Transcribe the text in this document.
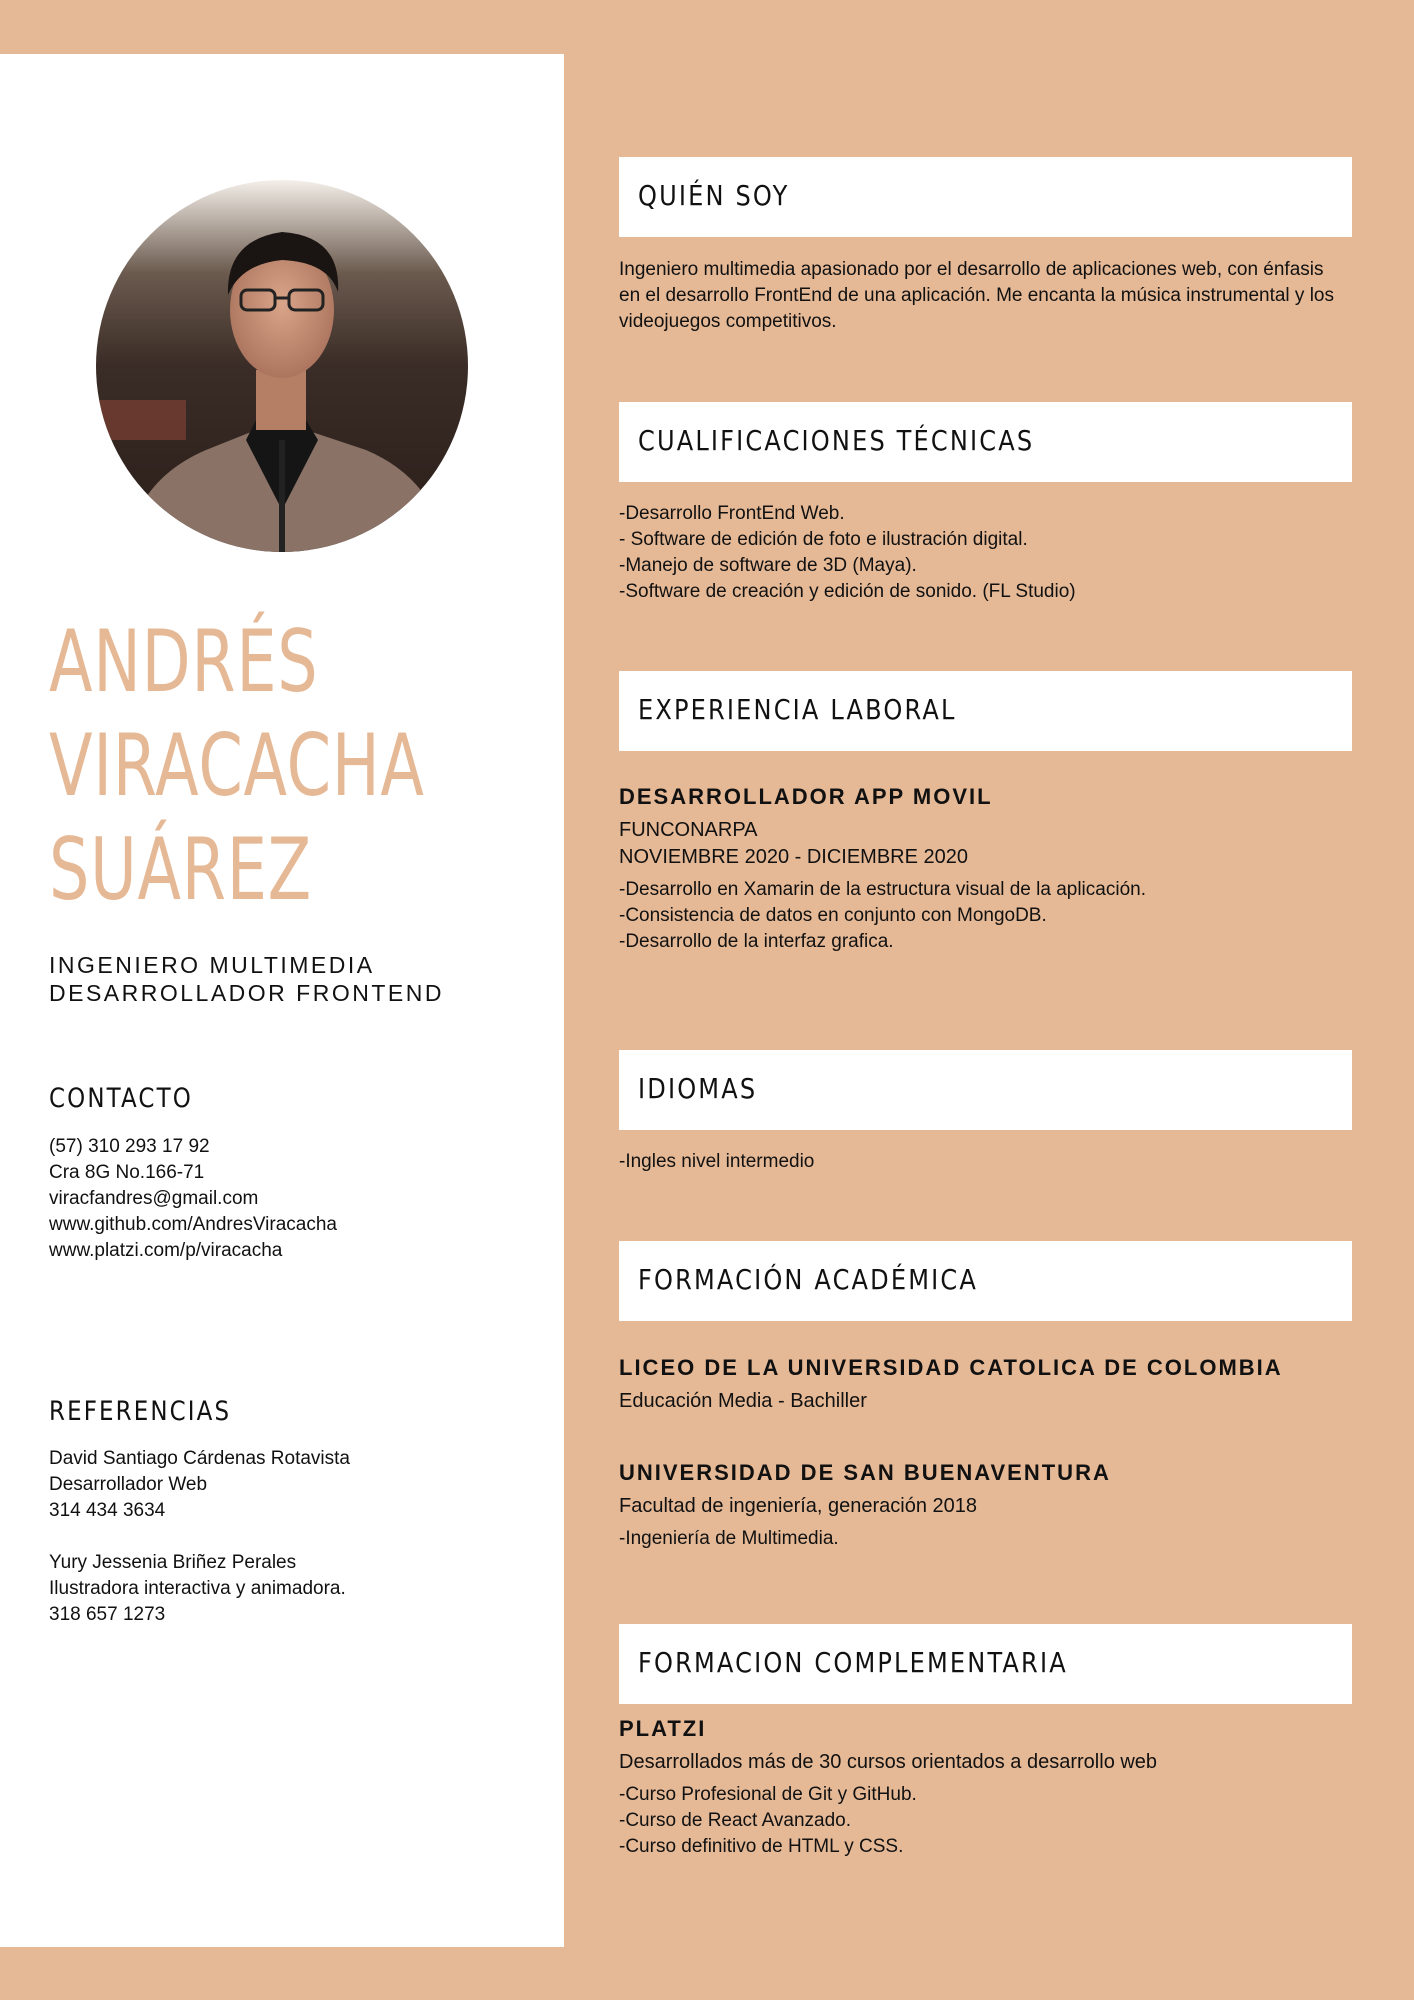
ANDRÉS
VIRACACHA
SUÁREZ
INGENIERO MULTIMEDIA
DESARROLLADOR FRONTEND
CONTACTO
(57) 310 293 17 92
Cra 8G No.166-71
viracfandres@gmail.com
www.github.com/AndresViracacha
www.platzi.com/p/viracacha
REFERENCIAS
David Santiago Cárdenas Rotavista
Desarrollador Web
314 434 3634
Yury Jessenia Briñez Perales
Ilustradora interactiva y animadora.
318 657 1273
QUIÉN SOY
Ingeniero multimedia apasionado por el desarrollo de aplicaciones web, con énfasis
en el desarrollo FrontEnd de una aplicación. Me encanta la música instrumental y los
videojuegos competitivos.
CUALIFICACIONES TÉCNICAS
-Desarrollo FrontEnd Web.
- Software de edición de foto e ilustración digital.
-Manejo de software de 3D (Maya).
-Software de creación y edición de sonido. (FL Studio)
EXPERIENCIA LABORAL
DESARROLLADOR APP MOVIL
FUNCONARPA
NOVIEMBRE 2020 - DICIEMBRE 2020
-Desarrollo en Xamarin de la estructura visual de la aplicación.
-Consistencia de datos en conjunto con MongoDB.
-Desarrollo de la interfaz grafica.
IDIOMAS
-Ingles nivel intermedio
FORMACIÓN ACADÉMICA
LICEO DE LA UNIVERSIDAD CATOLICA DE COLOMBIA
Educación Media - Bachiller
UNIVERSIDAD DE SAN BUENAVENTURA
Facultad de ingeniería, generación 2018
-Ingeniería de Multimedia.
FORMACION COMPLEMENTARIA
PLATZI
Desarrollados más de 30 cursos orientados a desarrollo web
-Curso Profesional de Git y GitHub.
-Curso de React Avanzado.
-Curso definitivo de HTML y CSS.
